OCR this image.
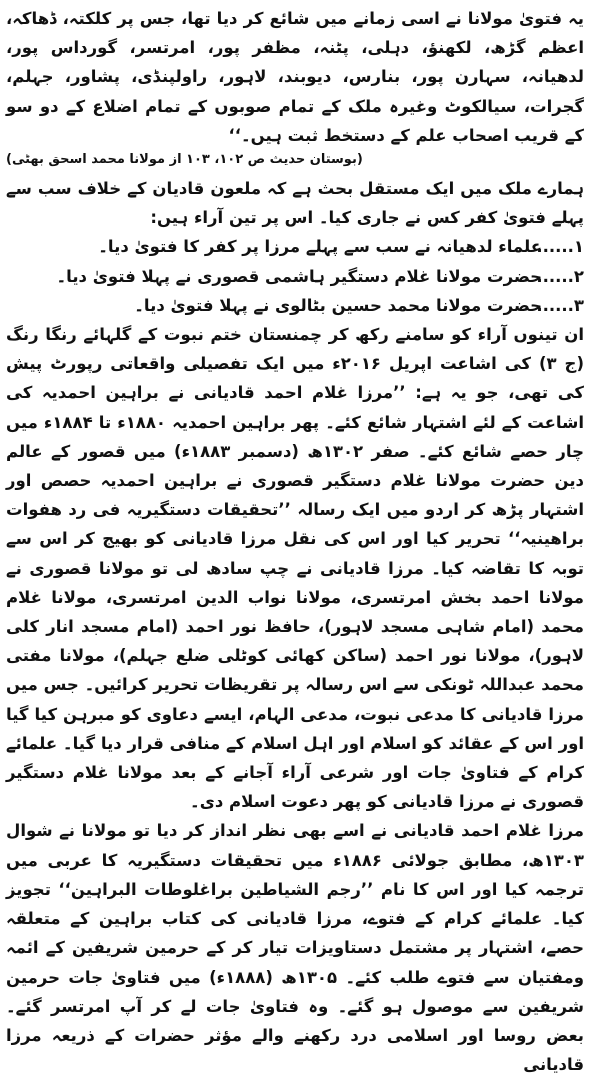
یہ فتویٰ مولانا نے اسی زمانے میں شائع کر دیا تھا، جس پر کلکتہ، ڈھاکہ، اعظم گڑھ، لکھنؤ، دہلی، پٹنہ، مظفر پور، امرتسر، گورداس پور، لدھیانہ، سہارن پور، بنارس، دیوبند، لاہور، راولپنڈی، پشاور، جہلم، گجرات، سیالکوٹ وغیرہ ملک کے تمام صوبوں کے تمام اضلاع کے دو سو کے قریب اصحاب علم کے دستخط ثبت ہیں۔‘‘

(بوستان حدیث ص ۱۰۲، ۱۰۳ از مولانا محمد اسحق بھٹی)

ہمارے ملک میں ایک مستقل بحث ہے کہ ملعون قادیان کے خلاف سب سے پہلے فتویٰ کفر کس نے جاری کیا۔ اس پر تین آراء ہیں:

۱......
علماء لدھیانہ نے سب سے پہلے مرزا پر کفر کا فتویٰ دیا۔
۲......
حضرت مولانا غلام دستگیر ہاشمی قصوری نے پہلا فتویٰ دیا۔
۳......
حضرت مولانا محمد حسین بٹالوی نے پہلا فتویٰ دیا۔

ان تینوں آراء کو سامنے رکھ کر چمنستان ختم نبوت کے گلہائے رنگا رنگ (ج ۳) کی اشاعت اپریل ۲۰۱۶ء میں ایک تفصیلی واقعاتی رپورٹ پیش کی تھی، جو یہ ہے: ’’مرزا غلام احمد قادیانی نے براہین احمدیہ کی اشاعت کے لئے اشتہار شائع کئے۔ پھر براہین احمدیہ ۱۸۸۰ء تا ۱۸۸۴ء میں چار حصے شائع کئے۔ صفر ۱۳۰۲ھ (دسمبر ۱۸۸۳ء) میں قصور کے عالم دین حضرت مولانا غلام دستگیر قصوری نے براہین احمدیہ حصص اور اشتہار پڑھ کر اردو میں ایک رسالہ ’’تحقیقات دستگیریہ فی رد ھفوات براھینیہ‘‘ تحریر کیا اور اس کی نقل مرزا قادیانی کو بھیج کر اس سے توبہ کا تقاضہ کیا۔ مرزا قادیانی نے چپ سادھ لی تو مولانا قصوری نے مولانا احمد بخش امرتسری، مولانا نواب الدین امرتسری، مولانا غلام محمد (امام شاہی مسجد لاہور)، حافظ نور احمد (امام مسجد انار کلی لاہور)، مولانا نور احمد (ساکن کھائی کوٹلی ضلع جہلم)، مولانا مفتی محمد عبداللہ ٹونکی سے اس رسالہ پر تقریظات تحریر کرائیں۔ جس میں مرزا قادیانی کا مدعی نبوت، مدعی الہام، ایسے دعاوی کو مبرہن کیا گیا اور اس کے عقائد کو اسلام اور اہل اسلام کے منافی قرار دیا گیا۔ علمائے کرام کے فتاویٰ جات اور شرعی آراء آجانے کے بعد مولانا غلام دستگیر قصوری نے مرزا قادیانی کو پھر دعوت اسلام دی۔

مرزا غلام احمد قادیانی نے اسے بھی نظر انداز کر دیا تو مولانا نے شوال ۱۳۰۳ھ، مطابق جولائی ۱۸۸۶ء میں تحقیقات دستگیریہ کا عربی میں ترجمہ کیا اور اس کا نام ’’رجم الشیاطین براغلوطات البراہین‘‘ تجویز کیا۔ علمائے کرام کے فتوے، مرزا قادیانی کی کتاب براہین کے متعلقہ حصے، اشتہار پر مشتمل دستاویزات تیار کر کے حرمین شریفین کے ائمہ ومفتیان سے فتوے طلب کئے۔ ۱۳۰۵ھ (۱۸۸۸ء) میں فتاویٰ جات حرمین شریفین سے موصول ہو گئے۔ وہ فتاویٰ جات لے کر آپ امرتسر گئے۔ بعض روسا اور اسلامی درد رکھنے والے مؤثر حضرات کے ذریعہ مرزا قادیانی
